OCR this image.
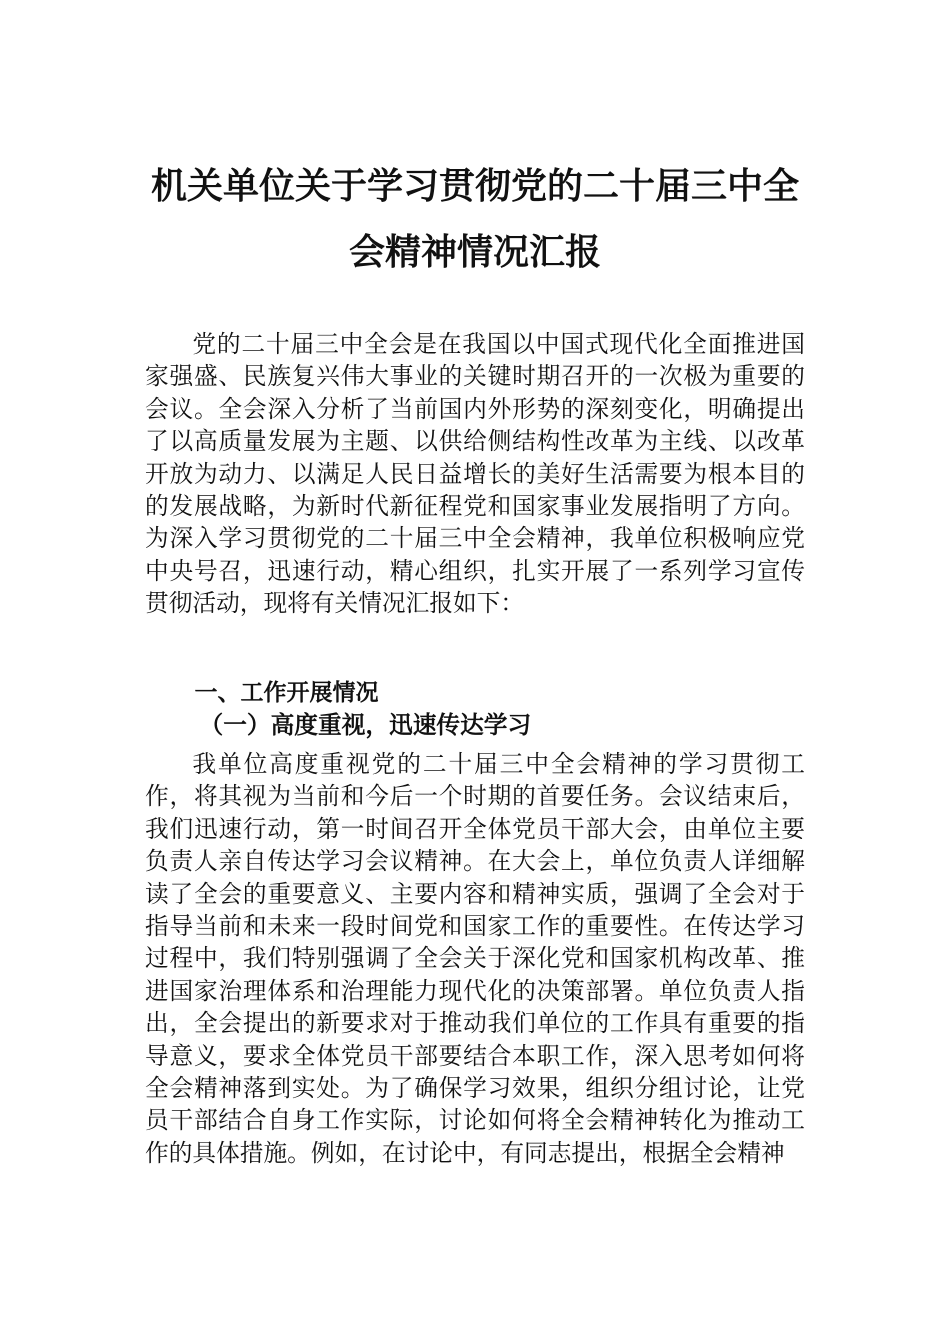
机关单位关于学习贯彻党的二十届三中全
会精神情况汇报

党的二十届三中全会是在我国以中国式现代化全面推进国家强盛、民族复兴伟大事业的关键时期召开的一次极为重要的会议。全会深入分析了当前国内外形势的深刻变化，明确提出了以高质量发展为主题、以供给侧结构性改革为主线、以改革开放为动力、以满足人民日益增长的美好生活需要为根本目的的发展战略，为新时代新征程党和国家事业发展指明了方向。为深入学习贯彻党的二十届三中全会精神，我单位积极响应党中央号召，迅速行动，精心组织，扎实开展了一系列学习宣传贯彻活动，现将有关情况汇报如下：

一、工作开展情况
（一）高度重视，迅速传达学习

我单位高度重视党的二十届三中全会精神的学习贯彻工作，将其视为当前和今后一个时期的首要任务。会议结束后，我们迅速行动，第一时间召开全体党员干部大会，由单位主要负责人亲自传达学习会议精神。在大会上，单位负责人详细解读了全会的重要意义、主要内容和精神实质，强调了全会对于指导当前和未来一段时间党和国家工作的重要性。在传达学习过程中，我们特别强调了全会关于深化党和国家机构改革、推进国家治理体系和治理能力现代化的决策部署。单位负责人指出，全会提出的新要求对于推动我们单位的工作具有重要的指导意义，要求全体党员干部要结合本职工作，深入思考如何将全会精神落到实处。为了确保学习效果，组织分组讨论，让党员干部结合自身工作实际，讨论如何将全会精神转化为推动工作的具体措施。例如，在讨论中，有同志提出，根据全会精神
